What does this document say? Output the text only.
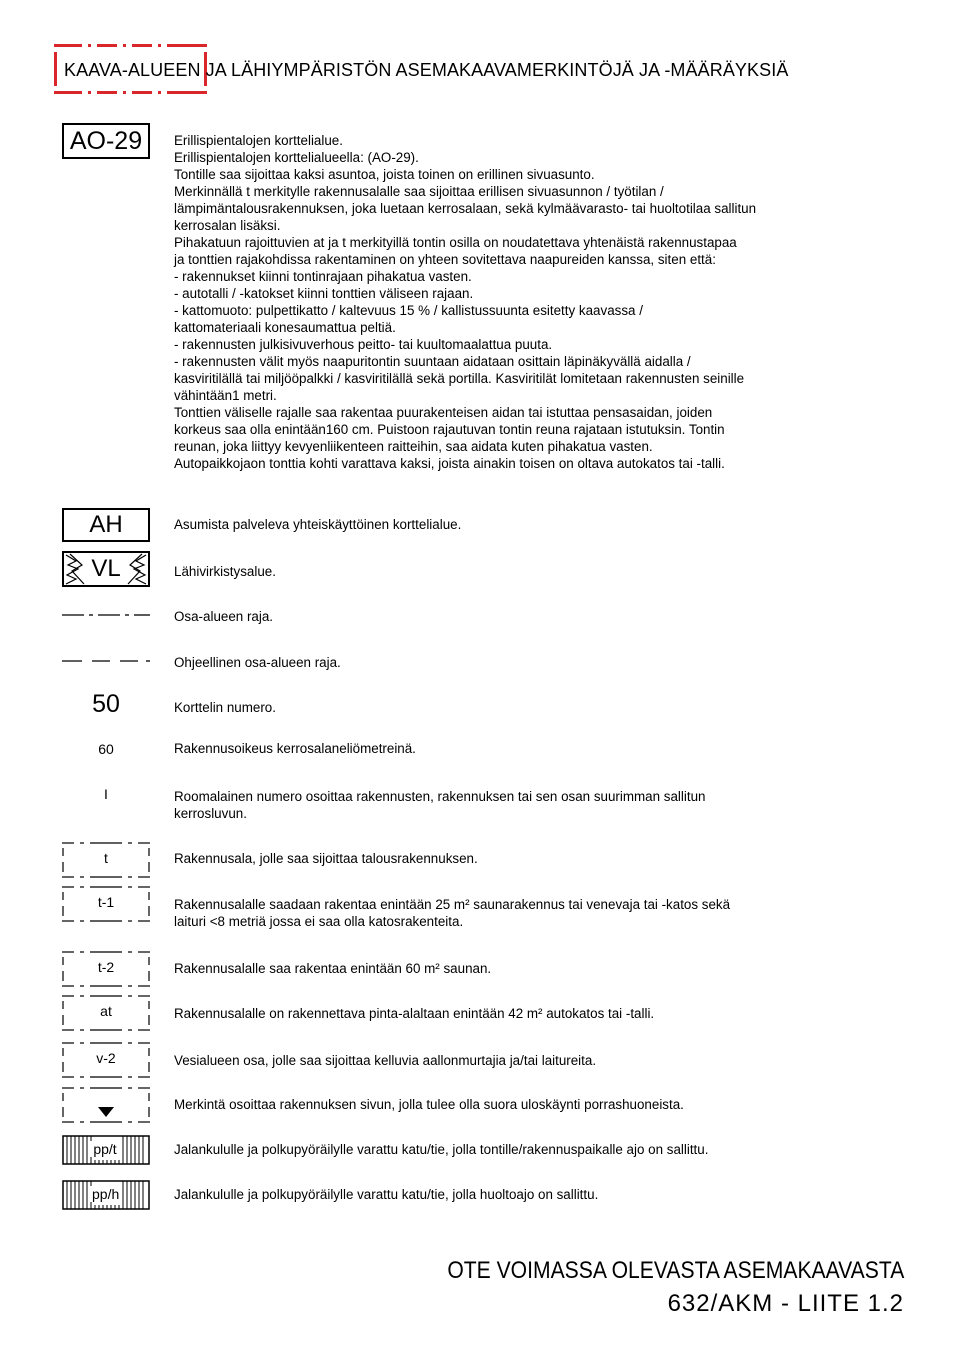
KAAVA-ALUEEN JA LÄHIYMPÄRISTÖN ASEMAKAAVAMERKINTÖJÄ JA -MÄÄRÄYKSIÄ
AO-29 Erillispientalojen korttelialue.
Erillispientalojen korttelialueella: (AO-29).
Tontille saa sijoittaa kaksi asuntoa, joista toinen on erillinen sivuasunto.
Merkinnällä t merkitylle rakennusalalle saa sijoittaa erillisen sivuasunnon / työtilan /
lämpimäntalousrakennuksen, joka luetaan kerrosalaan, sekä kylmäävarasto- tai huoltotilaa sallitun
kerrosalan lisäksi.
Pihakatuun rajoittuvien at ja t merkityillä tontin osilla on noudatettava yhtenäistä rakennustapaa
ja tonttien rajakohdissa rakentaminen on yhteen sovitettava naapureiden kanssa, siten että:
- rakennukset kiinni tontinrajaan pihakatua vasten.
- autotalli / -katokset kiinni tonttien väliseen rajaan.
- kattomuoto: pulpettikatto / kaltevuus 15 % / kallistussuunta esitetty kaavassa /
kattomateriaali konesaumattua peltiä.
- rakennusten julkisivuverhous peitto- tai kuultomaalattua puuta.
- rakennusten välit myös naapuritontin suuntaan aidataan osittain läpinäkyvällä aidalla /
kasviritilällä tai miljööpalkki / kasviritilällä sekä portilla. Kasviritilät lomitetaan rakennusten seinille
vähintään1 metri.
Tonttien väliselle rajalle saa rakentaa puurakenteisen aidan tai istuttaa pensasaidan, joiden
korkeus saa olla enintään160 cm. Puistoon rajautuvan tontin reuna rajataan istutuksin. Tontin
reunan, joka liittyy kevyenliikenteen raitteihin, saa aidata kuten pihakatua vasten.
Autopaikkojaon tonttia kohti varattava kaksi, joista ainakin toisen on oltava autokatos tai -talli.
AH	Asumista palveleva yhteiskäyttöinen korttelialue.
VL	Lähivirkistysalue.
Osa-alueen raja.
Ohjeellinen osa-alueen raja.
50	Korttelin numero.
60	Rakennusoikeus kerrosalaneliömetreinä.
I	Roomalainen numero osoittaa rakennusten, rakennuksen tai sen osan suurimman sallitun
kerrosluvun.
t	Rakennusala, jolle saa sijoittaa talousrakennuksen.
t-1	Rakennusalalle saadaan rakentaa enintään 25 m² saunarakennus tai venevaja tai -katos sekä
laituri <8 metriä jossa ei saa olla katosrakenteita.
t-2	Rakennusalalle saa rakentaa enintään 60 m² saunan.
at	Rakennusalalle on rakennettava pinta-alaltaan enintään 42 m² autokatos tai -talli.
v-2	Vesialueen osa, jolle saa sijoittaa kelluvia aallonmurtajia ja/tai laitureita.
Merkintä osoittaa rakennuksen sivun, jolla tulee olla suora uloskäynti porrashuoneista.
pp/t	Jalankululle ja polkupyöräilylle varattu katu/tie, jolla tontille/rakennuspaikalle ajo on sallittu.
pp/h	Jalankululle ja polkupyöräilylle varattu katu/tie, jolla huoltoajo on sallittu.
OTE VOIMASSA OLEVASTA ASEMAKAAVASTA
632/AKM - LIITE 1.2
